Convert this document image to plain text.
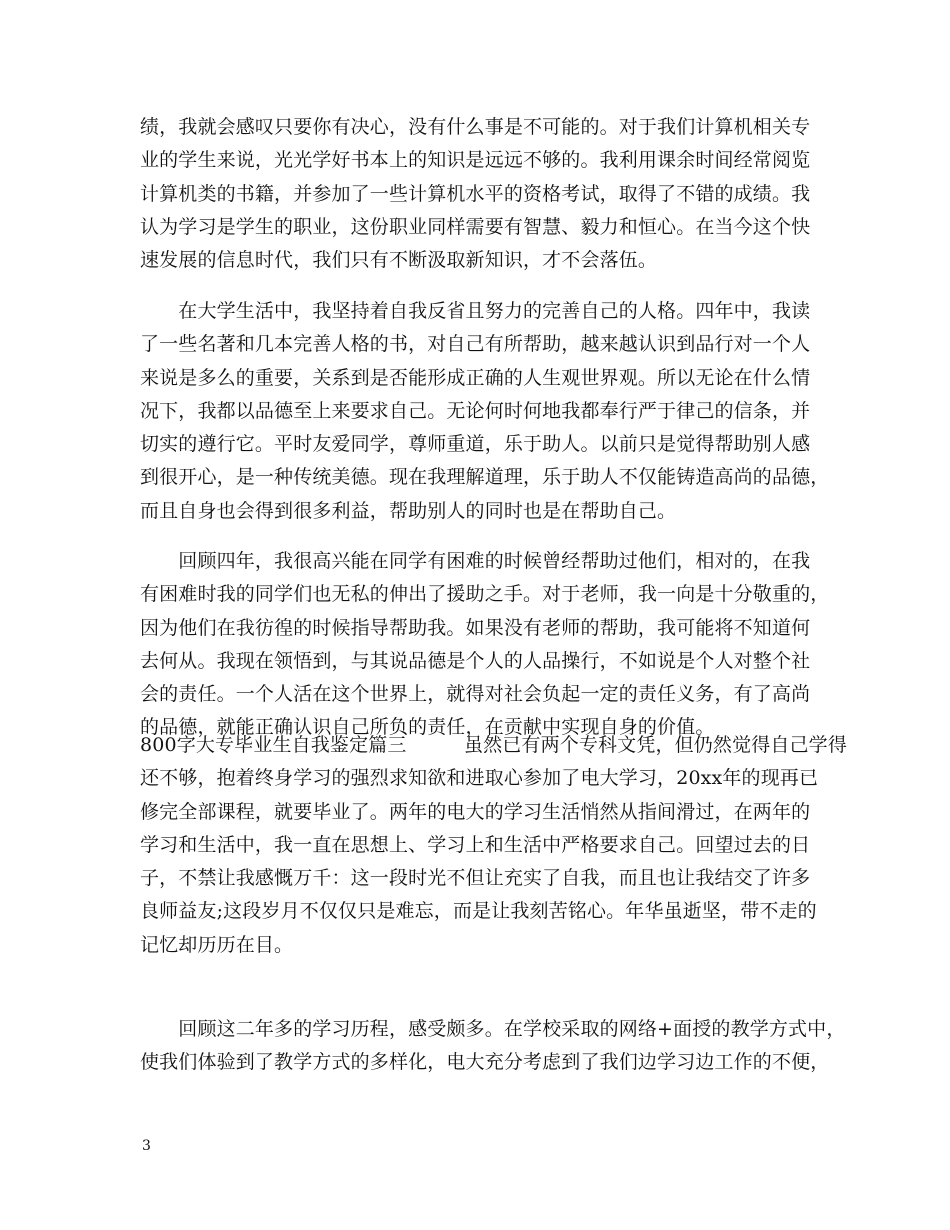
绩，我就会感叹只要你有决心，没有什么事是不可能的。对于我们计算机相关专
业的学生来说，光光学好书本上的知识是远远不够的。我利用课余时间经常阅览
计算机类的书籍，并参加了一些计算机水平的资格考试，取得了不错的成绩。我
认为学习是学生的职业，这份职业同样需要有智慧、毅力和恒心。在当今这个快
速发展的信息时代，我们只有不断汲取新知识，才不会落伍。
　　在大学生活中，我坚持着自我反省且努力的完善自己的人格。四年中，我读
了一些名著和几本完善人格的书，对自己有所帮助，越来越认识到品行对一个人
来说是多么的重要，关系到是否能形成正确的人生观世界观。所以无论在什么情
况下，我都以品德至上来要求自己。无论何时何地我都奉行严于律己的信条，并
切实的遵行它。平时友爱同学，尊师重道，乐于助人。以前只是觉得帮助别人感
到很开心，是一种传统美德。现在我理解道理，乐于助人不仅能铸造高尚的品德，
而且自身也会得到很多利益，帮助别人的同时也是在帮助自己。
　　回顾四年，我很高兴能在同学有困难的时候曾经帮助过他们，相对的，在我
有困难时我的同学们也无私的伸出了援助之手。对于老师，我一向是十分敬重的，
因为他们在我彷徨的时候指导帮助我。如果没有老师的帮助，我可能将不知道何
去何从。我现在领悟到，与其说品德是个人的人品操行，不如说是个人对整个社
会的责任。一个人活在这个世界上，就得对社会负起一定的责任义务，有了高尚
的品德，就能正确认识自己所负的责任，在贡献中实现自身的价值。
800字大专毕业生自我鉴定篇三　　　虽然已有两个专科文凭，但仍然觉得自己学得
还不够，抱着终身学习的强烈求知欲和进取心参加了电大学习，20xx年的现再已
修完全部课程，就要毕业了。两年的电大的学习生活悄然从指间滑过，在两年的
学习和生活中，我一直在思想上、学习上和生活中严格要求自己。回望过去的日
子，不禁让我感慨万千：这一段时光不但让充实了自我，而且也让我结交了许多
良师益友;这段岁月不仅仅只是难忘，而是让我刻苦铭心。年华虽逝坚，带不走的
记忆却历历在目。
　　回顾这二年多的学习历程，感受颇多。在学校采取的网络+面授的教学方式中，
使我们体验到了教学方式的多样化，电大充分考虑到了我们边学习边工作的不便，
3
